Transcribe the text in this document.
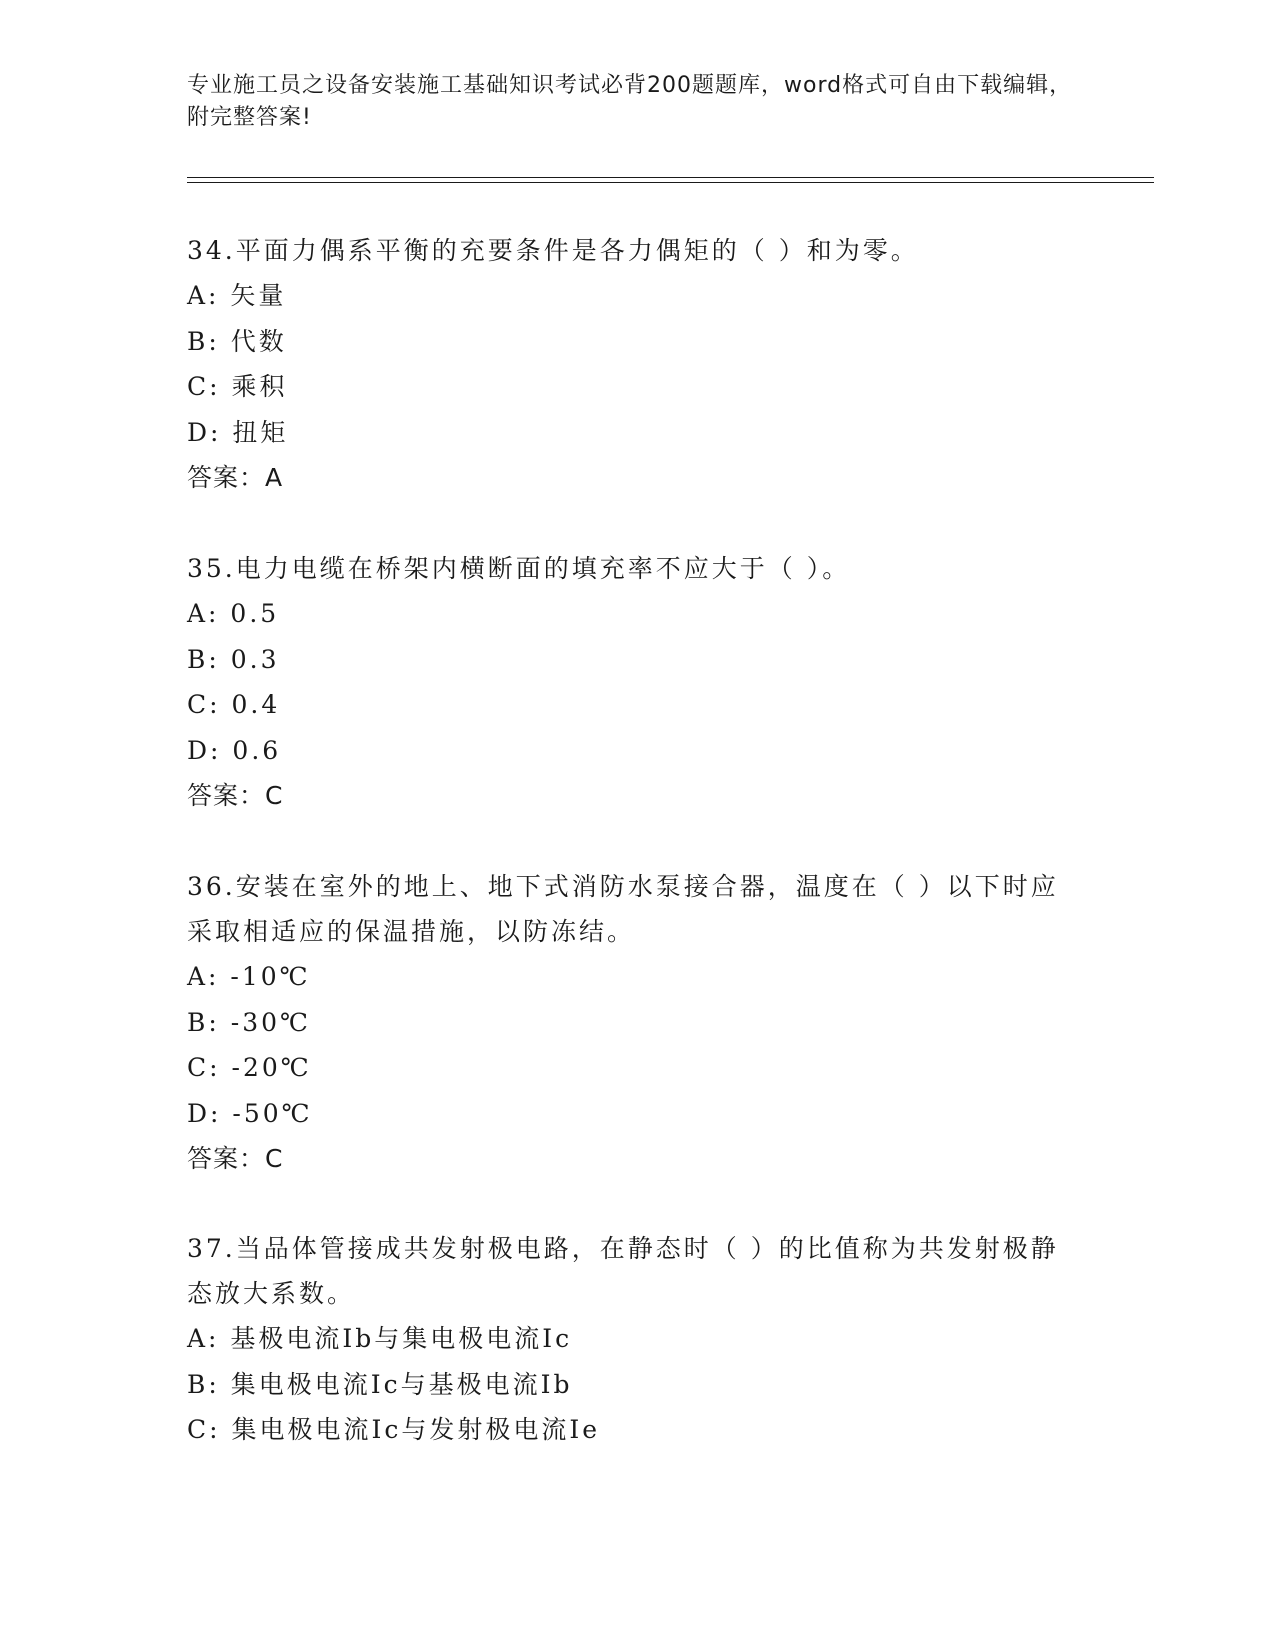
专业施工员之设备安装施工基础知识考试必背200题题库，word格式可自由下载编辑，附完整答案!

34.平面力偶系平衡的充要条件是各力偶矩的（ ）和为零。

A: 矢量
B: 代数
C: 乘积
D: 扭矩
答案：A

35.电力电缆在桥架内横断面的填充率不应大于（ ）。

A: 0.5
B: 0.3
C: 0.4
D: 0.6
答案：C

36.安装在室外的地上、地下式消防水泵接合器，温度在（ ）以下时应采取相适应的保温措施，以防冻结。

A: -10℃
B: -30℃
C: -20℃
D: -50℃
答案：C

37.当品体管接成共发射极电路，在静态时（ ）的比值称为共发射极静态放大系数。

A: 基极电流Ib与集电极电流Ic
B: 集电极电流Ic与基极电流Ib
C: 集电极电流Ic与发射极电流Ie
